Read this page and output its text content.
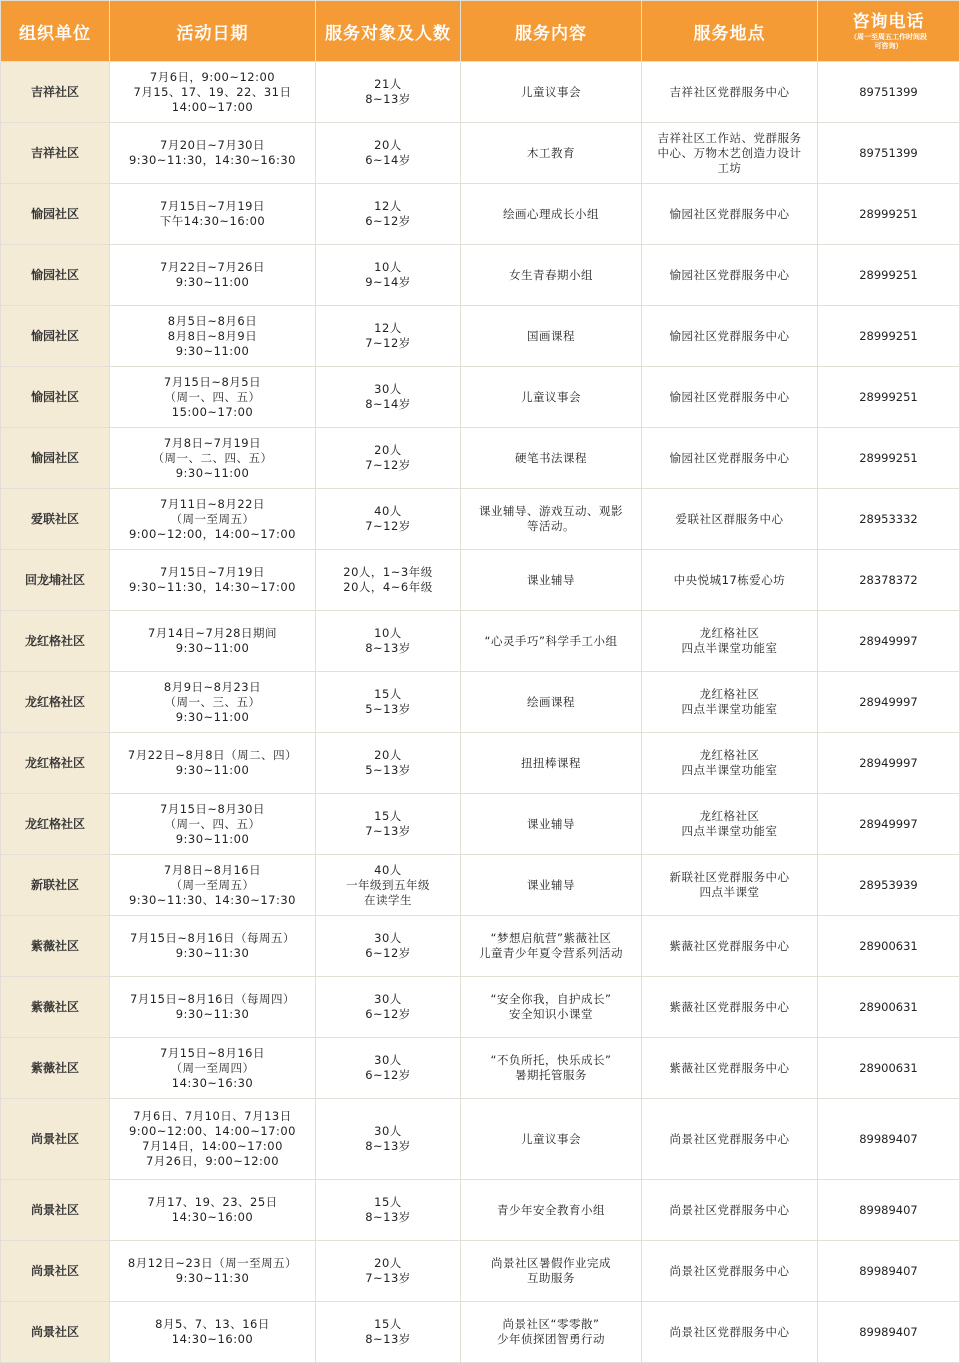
组织单位	活动日期	服务对象及人数	服务内容	服务地点	咨询电话
（周一至周五工作时间段
可咨询）

吉祥社区	7月6日，9:00~12:00
7月15、17、19、22、31日
14:00~17:00	21人
8~13岁	儿童议事会	吉祥社区党群服务中心	89751399
吉祥社区	7月20日~7月30日
9:30~11:30，14:30~16:30	20人
6~14岁	木工教育	吉祥社区工作站、党群服务
中心、万物木艺创造力设计
工坊	89751399
愉园社区	7月15日~7月19日
下午14:30~16:00	12人
6~12岁	绘画心理成长小组	愉园社区党群服务中心	28999251
愉园社区	7月22日~7月26日
9:30~11:00	10人
9~14岁	女生青春期小组	愉园社区党群服务中心	28999251
愉园社区	8月5日~8月6日
8月8日~8月9日
9:30~11:00	12人
7~12岁	国画课程	愉园社区党群服务中心	28999251
愉园社区	7月15日~8月5日
（周一、四、五）
15:00~17:00	30人
8~14岁	儿童议事会	愉园社区党群服务中心	28999251
愉园社区	7月8日~7月19日
（周一、二、四、五）
9:30~11:00	20人
7~12岁	硬笔书法课程	愉园社区党群服务中心	28999251
爱联社区	7月11日~8月22日
（周一至周五）
9:00~12:00，14:00~17:00	40人
7~12岁	课业辅导、游戏互动、观影
等活动。	爱联社区群服务中心	28953332
回龙埔社区	7月15日~7月19日
9:30~11:30，14:30~17:00	20人，1~3年级
20人，4~6年级	课业辅导	中央悦城17栋爱心坊	28378372
龙红格社区	7月14日~7月28日期间
9:30~11:00	10人
8~13岁	“心灵手巧”科学手工小组	龙红格社区
四点半课堂功能室	28949997
龙红格社区	8月9日~8月23日
（周一、三、五）
9:30~11:00	15人
5~13岁	绘画课程	龙红格社区
四点半课堂功能室	28949997
龙红格社区	7月22日~8月8日（周二、四）
9:30~11:00	20人
5~13岁	扭扭棒课程	龙红格社区
四点半课堂功能室	28949997
龙红格社区	7月15日~8月30日
（周一、四、五）
9:30~11:00	15人
7~13岁	课业辅导	龙红格社区
四点半课堂功能室	28949997
新联社区	7月8日~8月16日
（周一至周五）
9:30~11:30、14:30~17:30	40人
一年级到五年级
在读学生	课业辅导	新联社区党群服务中心
四点半课堂	28953939
紫薇社区	7月15日~8月16日（每周五）
9:30~11:30	30人
6~12岁	“梦想启航营”紫薇社区
儿童青少年夏令营系列活动	紫薇社区党群服务中心	28900631
紫薇社区	7月15日~8月16日（每周四）
9:30~11:30	30人
6~12岁	“安全你我，自护成长”
安全知识小课堂	紫薇社区党群服务中心	28900631
紫薇社区	7月15日~8月16日
（周一至周四）
14:30~16:30	30人
6~12岁	“不负所托，快乐成长”
暑期托管服务	紫薇社区党群服务中心	28900631
尚景社区	7月6日、7月10日、7月13日
9:00~12:00、14:00~17:00
7月14日，14:00~17:00
7月26日，9:00~12:00	30人
8~13岁	儿童议事会	尚景社区党群服务中心	89989407
尚景社区	7月17、19、23、25日
14:30~16:00	15人
8~13岁	青少年安全教育小组	尚景社区党群服务中心	89989407
尚景社区	8月12日~23日（周一至周五）
9:30~11:30	20人
7~13岁	尚景社区暑假作业完成
互助服务	尚景社区党群服务中心	89989407
尚景社区	8月5、7、13、16日
14:30~16:00	15人
8~13岁	尚景社区“零零散”
少年侦探团智勇行动	尚景社区党群服务中心	89989407
